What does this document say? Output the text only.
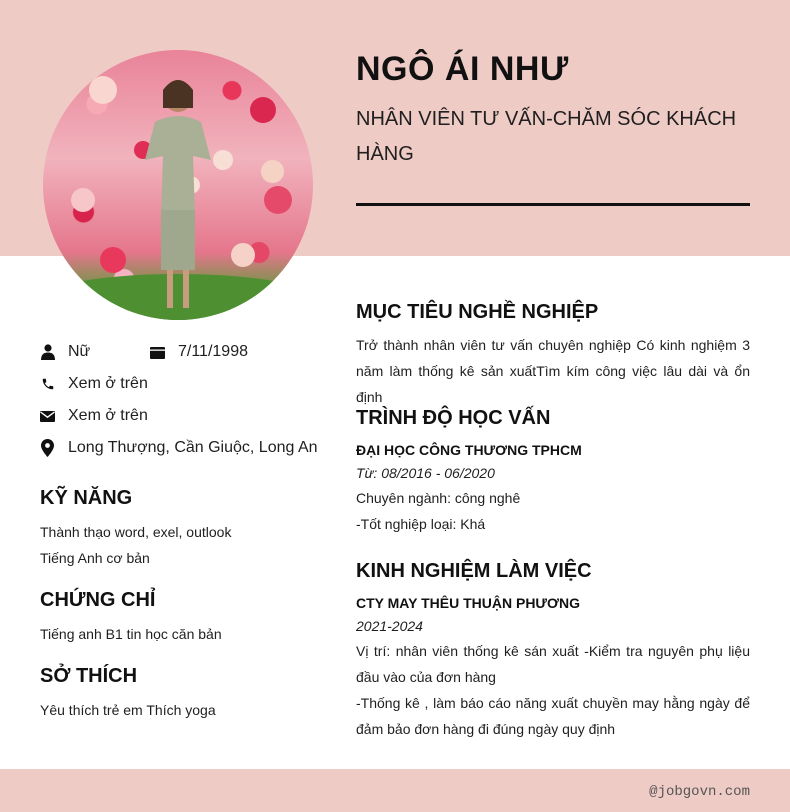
NGÔ ÁI NHƯ
NHÂN VIÊN TƯ VẤN-CHĂM SÓC KHÁCH HÀNG
Nữ	7/11/1998
Xem ở trên
Xem ở trên
Long Thượng, Cần Giuộc, Long An
KỸ NĂNG
Thành thạo word, exel, outlook
Tiếng Anh cơ bản
CHỨNG CHỈ
Tiếng anh B1 tin học căn bản
SỞ THÍCH
Yêu thích trẻ em Thích yoga
MỤC TIÊU NGHỀ NGHIỆP
Trở thành nhân viên tư vấn chuyên nghiệp Có kinh nghiệm 3 năm làm thống kê sản xuấtTìm kím công việc lâu dài và ổn định
TRÌNH ĐỘ HỌC VẤN
ĐẠI HỌC CÔNG THƯƠNG TPHCM
Từ: 08/2016 - 06/2020
Chuyên ngành: công nghê
-Tốt nghiệp loại: Khá
KINH NGHIỆM LÀM VIỆC
CTY MAY THÊU THUẬN PHƯƠNG
2021-2024
Vị trí: nhân viên thống kê sán xuất -Kiểm tra nguyên phụ liệu đầu vào của đơn hàng
-Thống kê , làm báo cáo năng xuất chuyền may hằng ngày để đảm bảo đơn hàng đi đúng ngày quy định
@jobgovn.com
